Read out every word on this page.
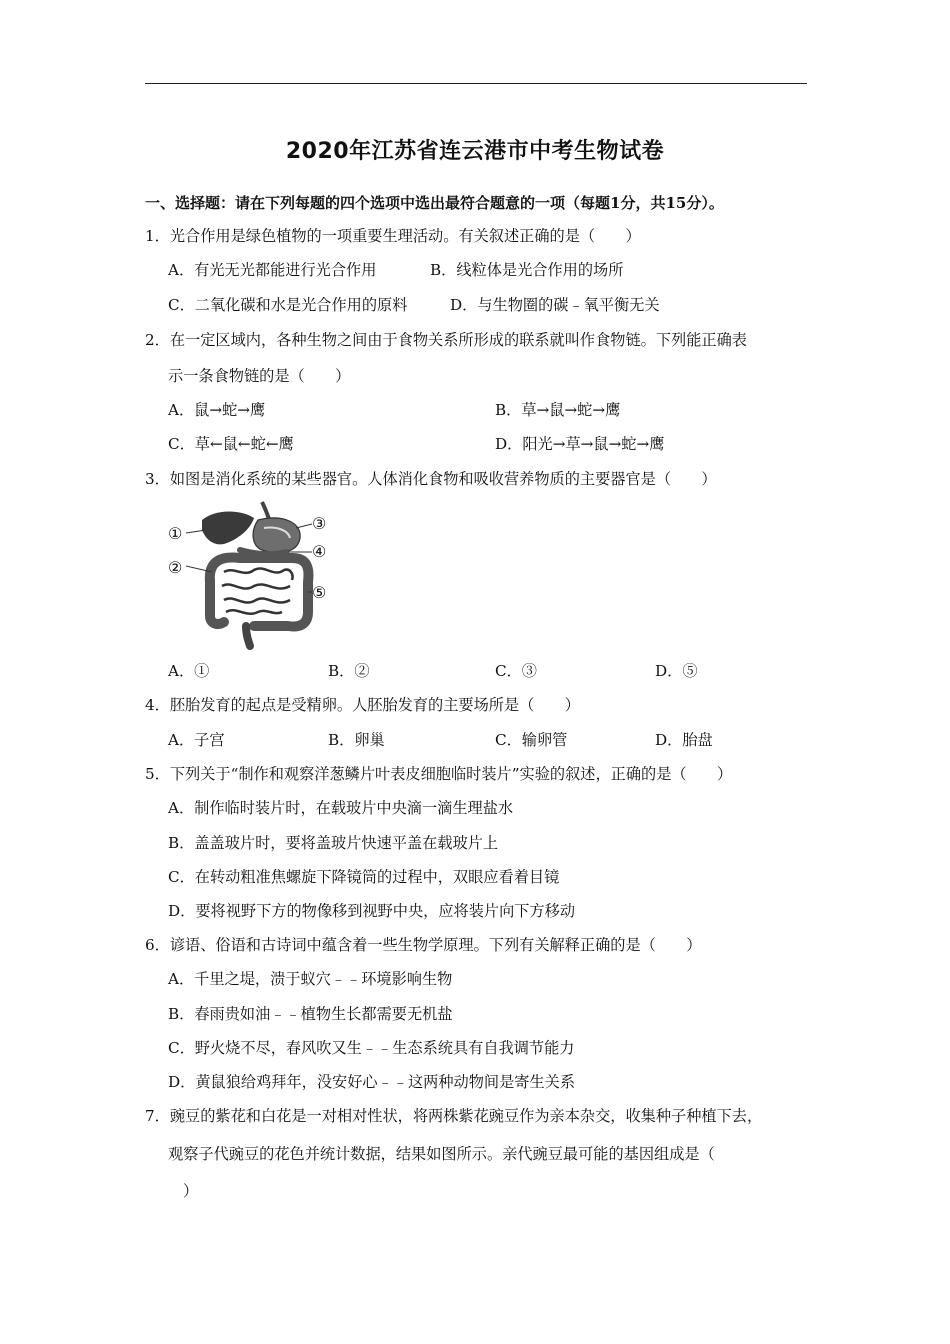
2020年江苏省连云港市中考生物试卷
一、选择题：请在下列每题的四个选项中选出最符合题意的一项（每题1分，共15分）。
1．光合作用是绿色植物的一项重要生理活动。有关叙述正确的是（　　）
A．有光无光都能进行光合作用	B．线粒体是光合作用的场所
C．二氧化碳和水是光合作用的原料	D．与生物圈的碳﹣氧平衡无关
2．在一定区域内，各种生物之间由于食物关系所形成的联系就叫作食物链。下列能正确表
示一条食物链的是（　　）
A．鼠→蛇→鹰	B．草→鼠→蛇→鹰
C．草←鼠←蛇←鹰	D．阳光→草→鼠→蛇→鹰
3．如图是消化系统的某些器官。人体消化食物和吸收营养物质的主要器官是（　　）
①
②
③
④
⑤
A．①	B．②	C．③	D．⑤
4．胚胎发育的起点是受精卵。人胚胎发育的主要场所是（　　）
A．子宫	B．卵巢	C．输卵管	D．胎盘
5．下列关于“制作和观察洋葱鳞片叶表皮细胞临时装片”实验的叙述，正确的是（　　）
A．制作临时装片时，在载玻片中央滴一滴生理盐水
B．盖盖玻片时，要将盖玻片快速平盖在载玻片上
C．在转动粗准焦螺旋下降镜筒的过程中，双眼应看着目镜
D．要将视野下方的物像移到视野中央，应将装片向下方移动
6．谚语、俗语和古诗词中蕴含着一些生物学原理。下列有关解释正确的是（　　）
A．千里之堤，溃于蚁穴﹣﹣环境影响生物
B．春雨贵如油﹣﹣植物生长都需要无机盐
C．野火烧不尽，春风吹又生﹣﹣生态系统具有自我调节能力
D．黄鼠狼给鸡拜年，没安好心﹣﹣这两种动物间是寄生关系
7．豌豆的紫花和白花是一对相对性状，将两株紫花豌豆作为亲本杂交，收集种子种植下去，
观察子代豌豆的花色并统计数据，结果如图所示。亲代豌豆最可能的基因组成是（
）
